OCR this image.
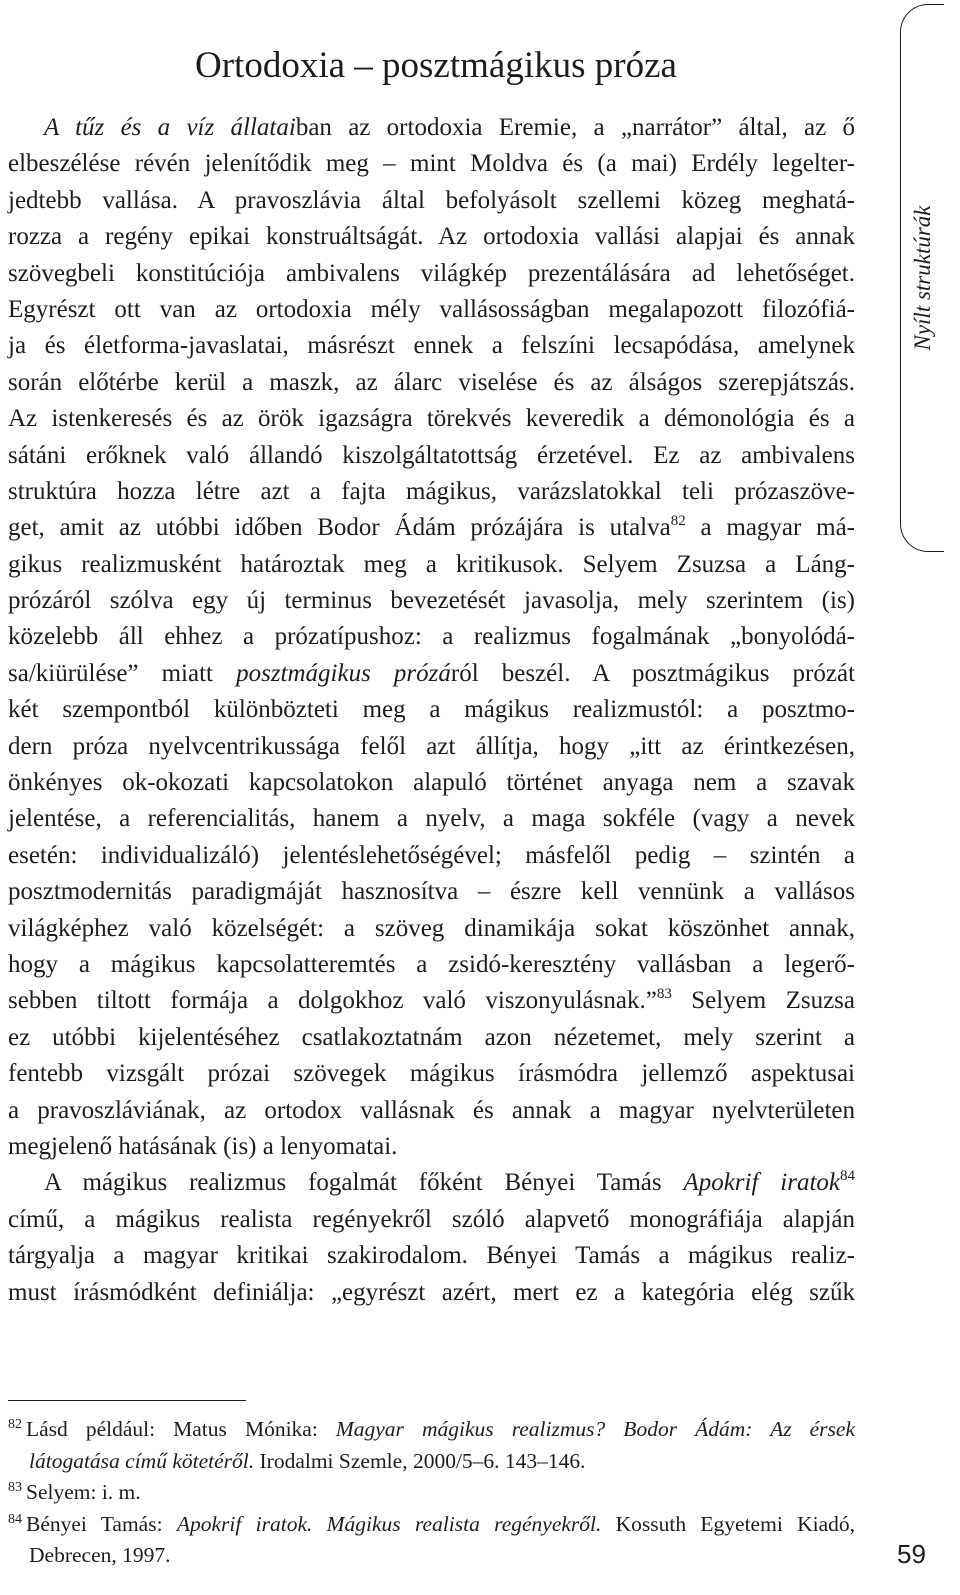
Ortodoxia – posztmágikus próza
Nyílt struktúrák
A tűz és a víz állataiban az ortodoxia Eremie, a „narrátor” által, az ő
elbeszélése révén jelenítődik meg – mint Moldva és (a mai) Erdély legelter-
jedtebb vallása. A pravoszlávia által befolyásolt szellemi közeg meghatá-
rozza a regény epikai konstruáltságát. Az ortodoxia vallási alapjai és annak
szövegbeli konstitúciója ambivalens világkép prezentálására ad lehetőséget.
Egyrészt ott van az ortodoxia mély vallásosságban megalapozott filozófiá-
ja és életforma-javaslatai, másrészt ennek a felszíni lecsapódása, amelynek
során előtérbe kerül a maszk, az álarc viselése és az álságos szerepjátszás.
Az istenkeresés és az örök igazságra törekvés keveredik a démonológia és a
sátáni erőknek való állandó kiszolgáltatottság érzetével. Ez az ambivalens
struktúra hozza létre azt a fajta mágikus, varázslatokkal teli prózaszöve-
get, amit az utóbbi időben Bodor Ádám prózájára is utalva$^{82}$ a magyar má-
gikus realizmusként határoztak meg a kritikusok. Selyem Zsuzsa a Láng-
prózáról szólva egy új terminus bevezetését javasolja, mely szerintem (is)
közelebb áll ehhez a prózatípushoz: a realizmus fogalmának „bonyolódá-
sa/kiürülése” miatt posztmágikus prózáról beszél. A posztmágikus prózát
két szempontból különbözteti meg a mágikus realizmustól: a posztmo-
dern próza nyelvcentrikussága felől azt állítja, hogy „itt az érintkezésen,
önkényes ok-okozati kapcsolatokon alapuló történet anyaga nem a szavak
jelentése, a referencialitás, hanem a nyelv, a maga sokféle (vagy a nevek
esetén: individualizáló) jelentéslehetőségével; másfelől pedig – szintén a
posztmodernitás paradigmáját hasznosítva – észre kell vennünk a vallásos
világképhez való közelségét: a szöveg dinamikája sokat köszönhet annak,
hogy a mágikus kapcsolatteremtés a zsidó-keresztény vallásban a legerő-
sebben tiltott formája a dolgokhoz való viszonyulásnak.”$^{83}$ Selyem Zsuzsa
ez utóbbi kijelentéséhez csatlakoztatnám azon nézetemet, mely szerint a
fentebb vizsgált prózai szövegek mágikus írásmódra jellemző aspektusai
a pravoszláviának, az ortodox vallásnak és annak a magyar nyelvterületen
megjelenő hatásának (is) a lenyomatai.
A mágikus realizmus fogalmát főként Bényei Tamás Apokrif iratok$^{84}$
című, a mágikus realista regényekről szóló alapvető monográfiája alapján
tárgyalja a magyar kritikai szakirodalom. Bényei Tamás a mágikus realiz-
must írásmódként definiálja: „egyrészt azért, mert ez a kategória elég szűk
$^{82}$ Lásd például: Matus Mónika: Magyar mágikus realizmus? Bodor Ádám: Az érsek
látogatása című kötetéről. Irodalmi Szemle, 2000/5–6. 143–146.
$^{83}$ Selyem: i. m.
$^{84}$ Bényei Tamás: Apokrif iratok. Mágikus realista regényekről. Kossuth Egyetemi Kiadó,
Debrecen, 1997.	59
